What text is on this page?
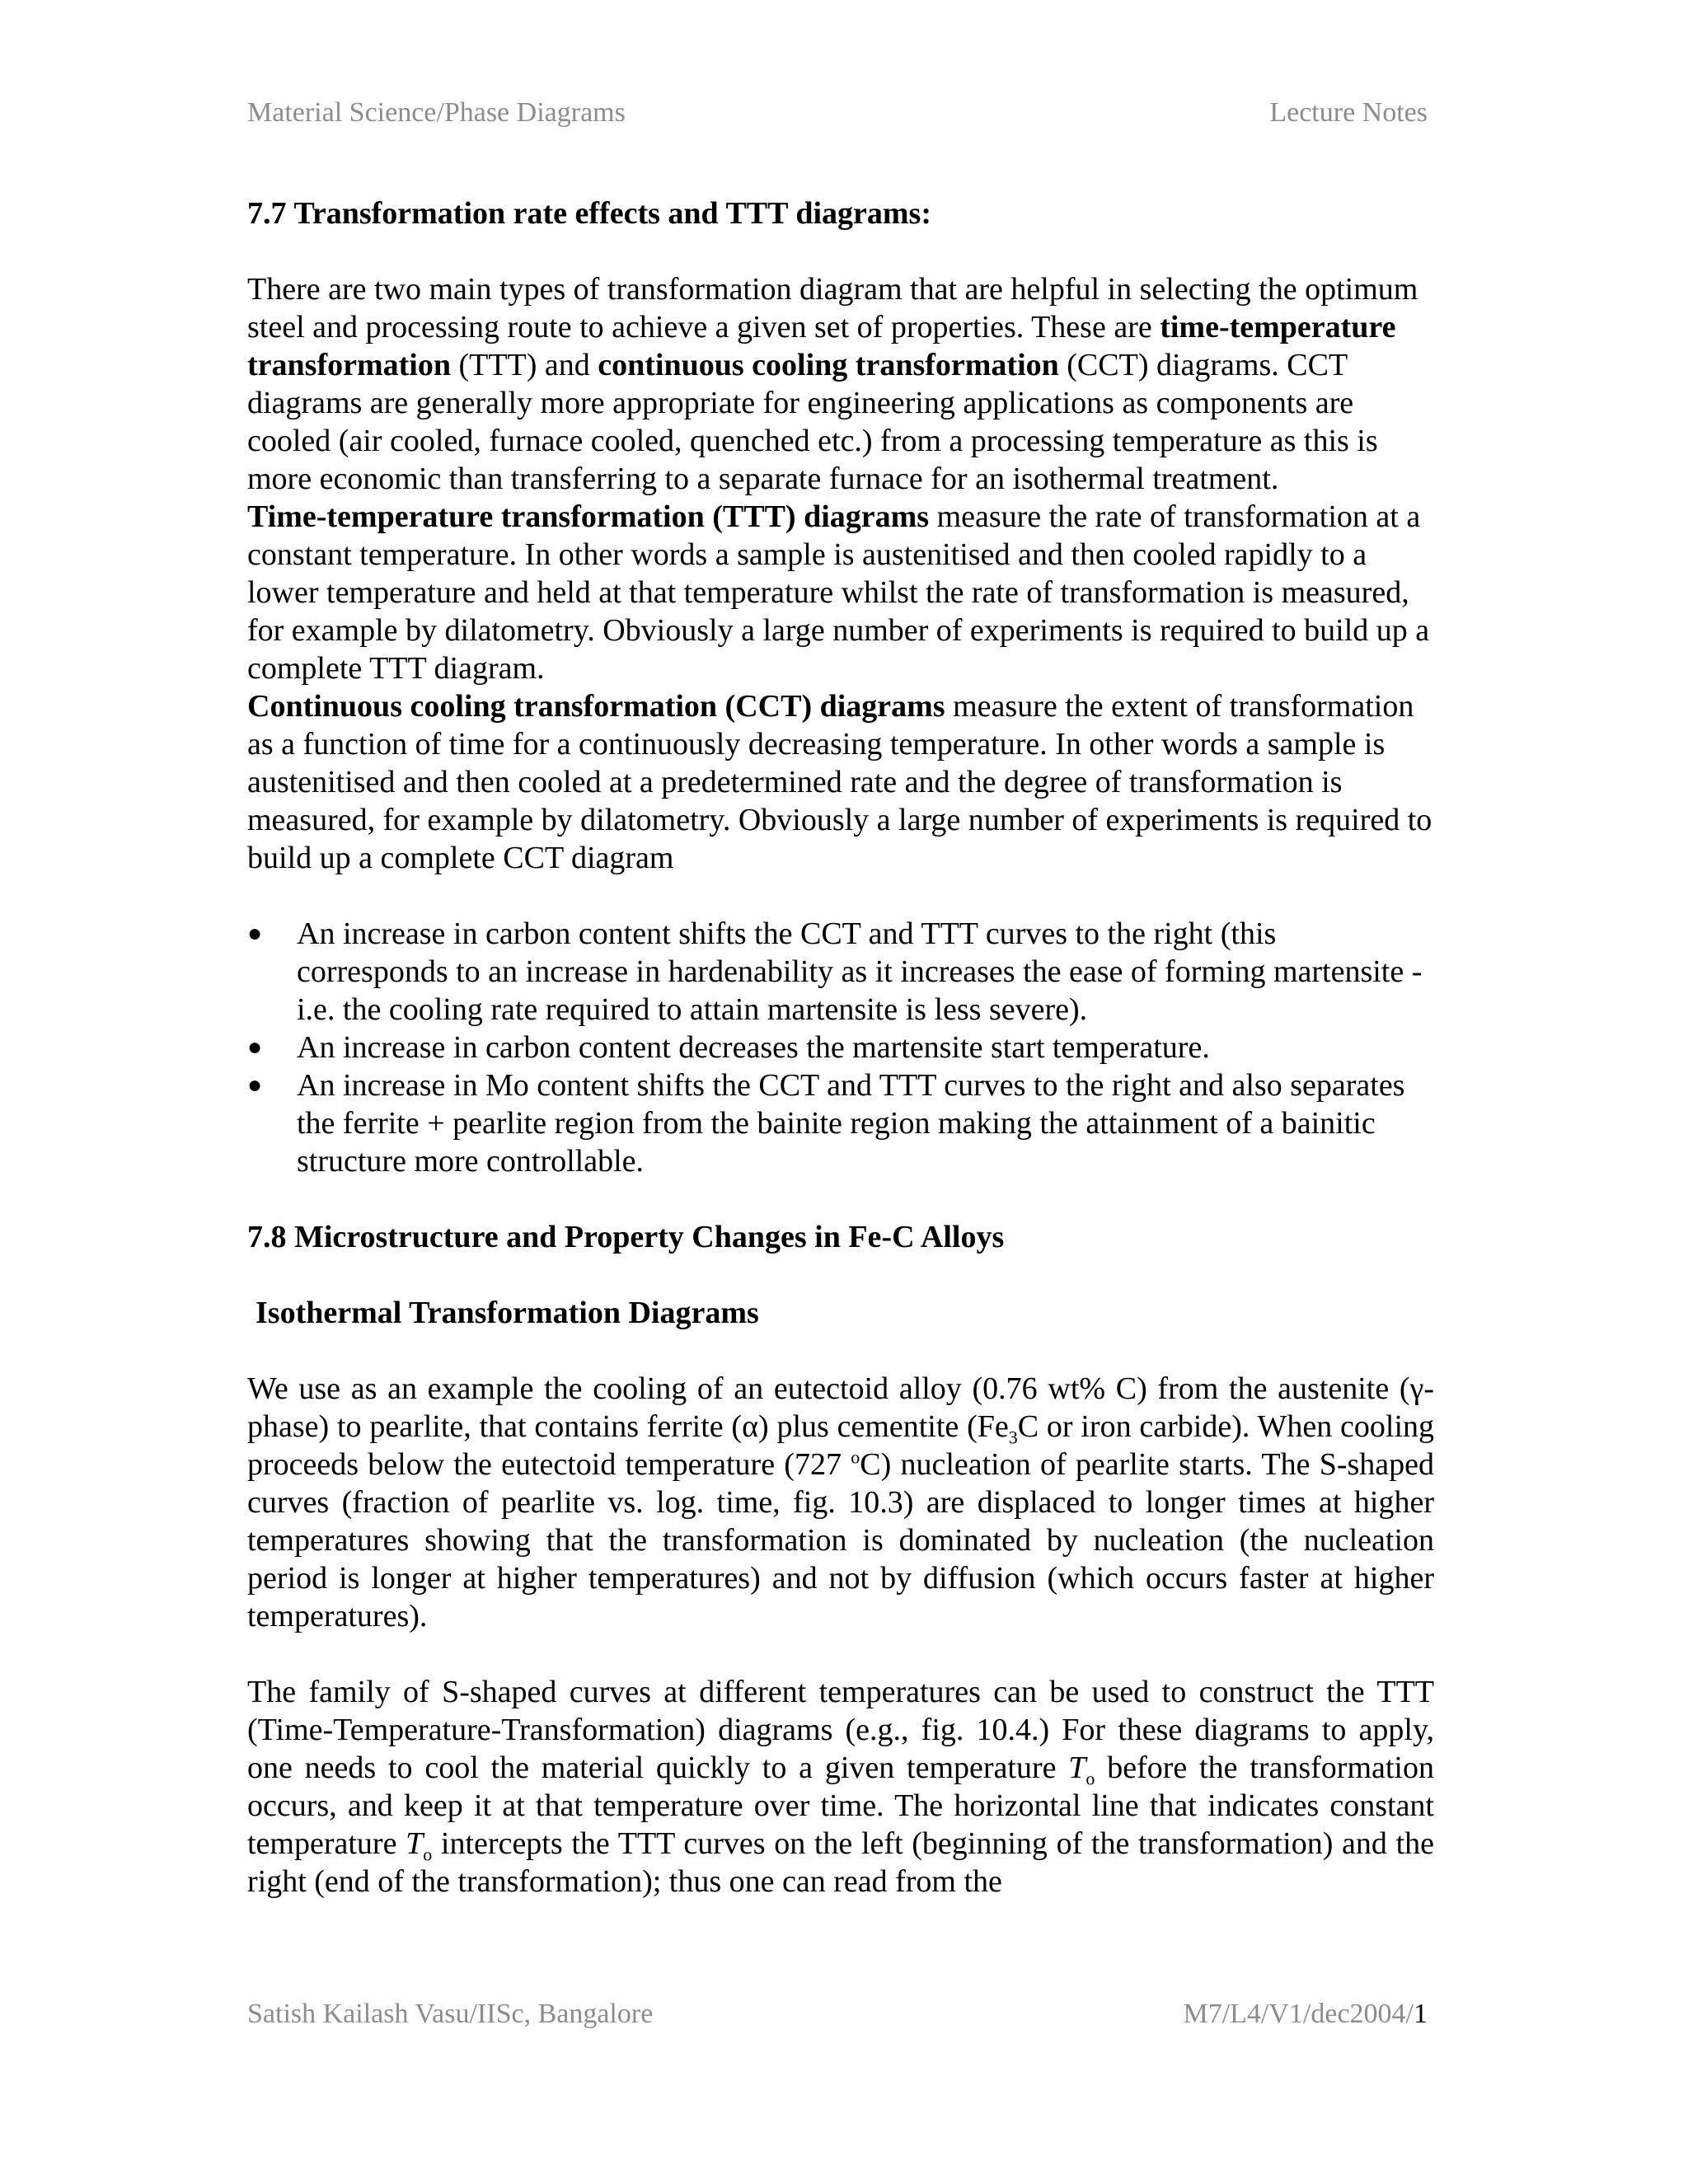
Material Science/Phase Diagrams	Lecture Notes
7.7 Transformation rate effects and TTT diagrams:

There are two main types of transformation diagram that are helpful in selecting the optimum steel and processing route to achieve a given set of properties. These are time-temperature transformation (TTT) and continuous cooling transformation (CCT) diagrams. CCT diagrams are generally more appropriate for engineering applications as components are cooled (air cooled, furnace cooled, quenched etc.) from a processing temperature as this is more economic than transferring to a separate furnace for an isothermal treatment.

Time-temperature transformation (TTT) diagrams measure the rate of transformation at a constant temperature. In other words a sample is austenitised and then cooled rapidly to a lower temperature and held at that temperature whilst the rate of transformation is measured, for example by dilatometry. Obviously a large number of experiments is required to build up a complete TTT diagram.

Continuous cooling transformation (CCT) diagrams measure the extent of transformation as a function of time for a continuously decreasing temperature. In other words a sample is austenitised and then cooled at a predetermined rate and the degree of transformation is measured, for example by dilatometry. Obviously a large number of experiments is required to build up a complete CCT diagram

● An increase in carbon content shifts the CCT and TTT curves to the right (this corresponds to an increase in hardenability as it increases the ease of forming martensite - i.e. the cooling rate required to attain martensite is less severe).
● An increase in carbon content decreases the martensite start temperature.
● An increase in Mo content shifts the CCT and TTT curves to the right and also separates the ferrite + pearlite region from the bainite region making the attainment of a bainitic structure more controllable.
7.8 Microstructure and Property Changes in Fe-C Alloys
Isothermal Transformation Diagrams

We use as an example the cooling of an eutectoid alloy (0.76 wt% C) from the austenite (γ- phase) to pearlite, that contains ferrite (α) plus cementite ($Fe_3C$ or iron carbide). When cooling proceeds below the eutectoid temperature (727 $^o$C) nucleation of pearlite starts. The S-shaped curves (fraction of pearlite vs. log. time, fig. 10.3) are displaced to longer times at higher temperatures showing that the transformation is dominated by nucleation (the nucleation period is longer at higher temperatures) and not by diffusion (which occurs faster at higher temperatures).

The family of S-shaped curves at different temperatures can be used to construct the TTT (Time-Temperature-Transformation) diagrams (e.g., fig. 10.4.) For these diagrams to apply, one needs to cool the material quickly to a given temperature $T_o$ before the transformation occurs, and keep it at that temperature over time. The horizontal line that indicates constant temperature $T_o$ intercepts the TTT curves on the left (beginning of the transformation) and the right (end of the transformation); thus one can read from the

Satish Kailash Vasu/IISc, Bangalore	M7/L4/V1/dec2004/1
